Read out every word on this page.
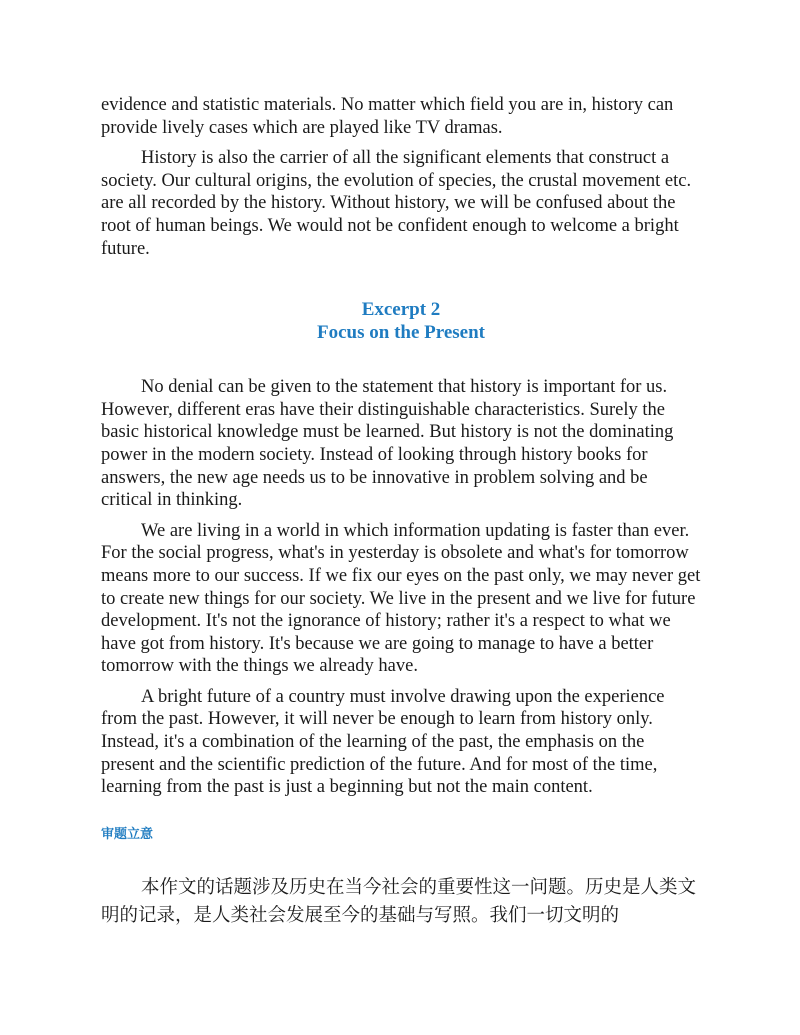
evidence and statistic materials. No matter which field you are in, history can provide lively cases which are played like TV dramas.

History is also the carrier of all the significant elements that construct a society. Our cultural origins, the evolution of species, the crustal movement etc. are all recorded by the history. Without history, we will be confused about the root of human beings. We would not be confident enough to welcome a bright future.

Excerpt 2
Focus on the Present

No denial can be given to the statement that history is important for us. However, different eras have their distinguishable characteristics. Surely the basic historical knowledge must be learned. But history is not the dominating power in the modern society. Instead of looking through history books for answers, the new age needs us to be innovative in problem solving and be critical in thinking.

We are living in a world in which information updating is faster than ever. For the social progress, what's in yesterday is obsolete and what's for tomorrow means more to our success. If we fix our eyes on the past only, we may never get to create new things for our society. We live in the present and we live for future development. It's not the ignorance of history; rather it's a respect to what we have got from history. It's because we are going to manage to have a better tomorrow with the things we already have.

A bright future of a country must involve drawing upon the experience from the past. However, it will never be enough to learn from history only. Instead, it's a combination of the learning of the past, the emphasis on the present and the scientific prediction of the future. And for most of the time, learning from the past is just a beginning but not the main content.

审题立意

本作文的话题涉及历史在当今社会的重要性这一问题。历史是人类文明的记录，是人类社会发展至今的基础与写照。我们一切文明的
